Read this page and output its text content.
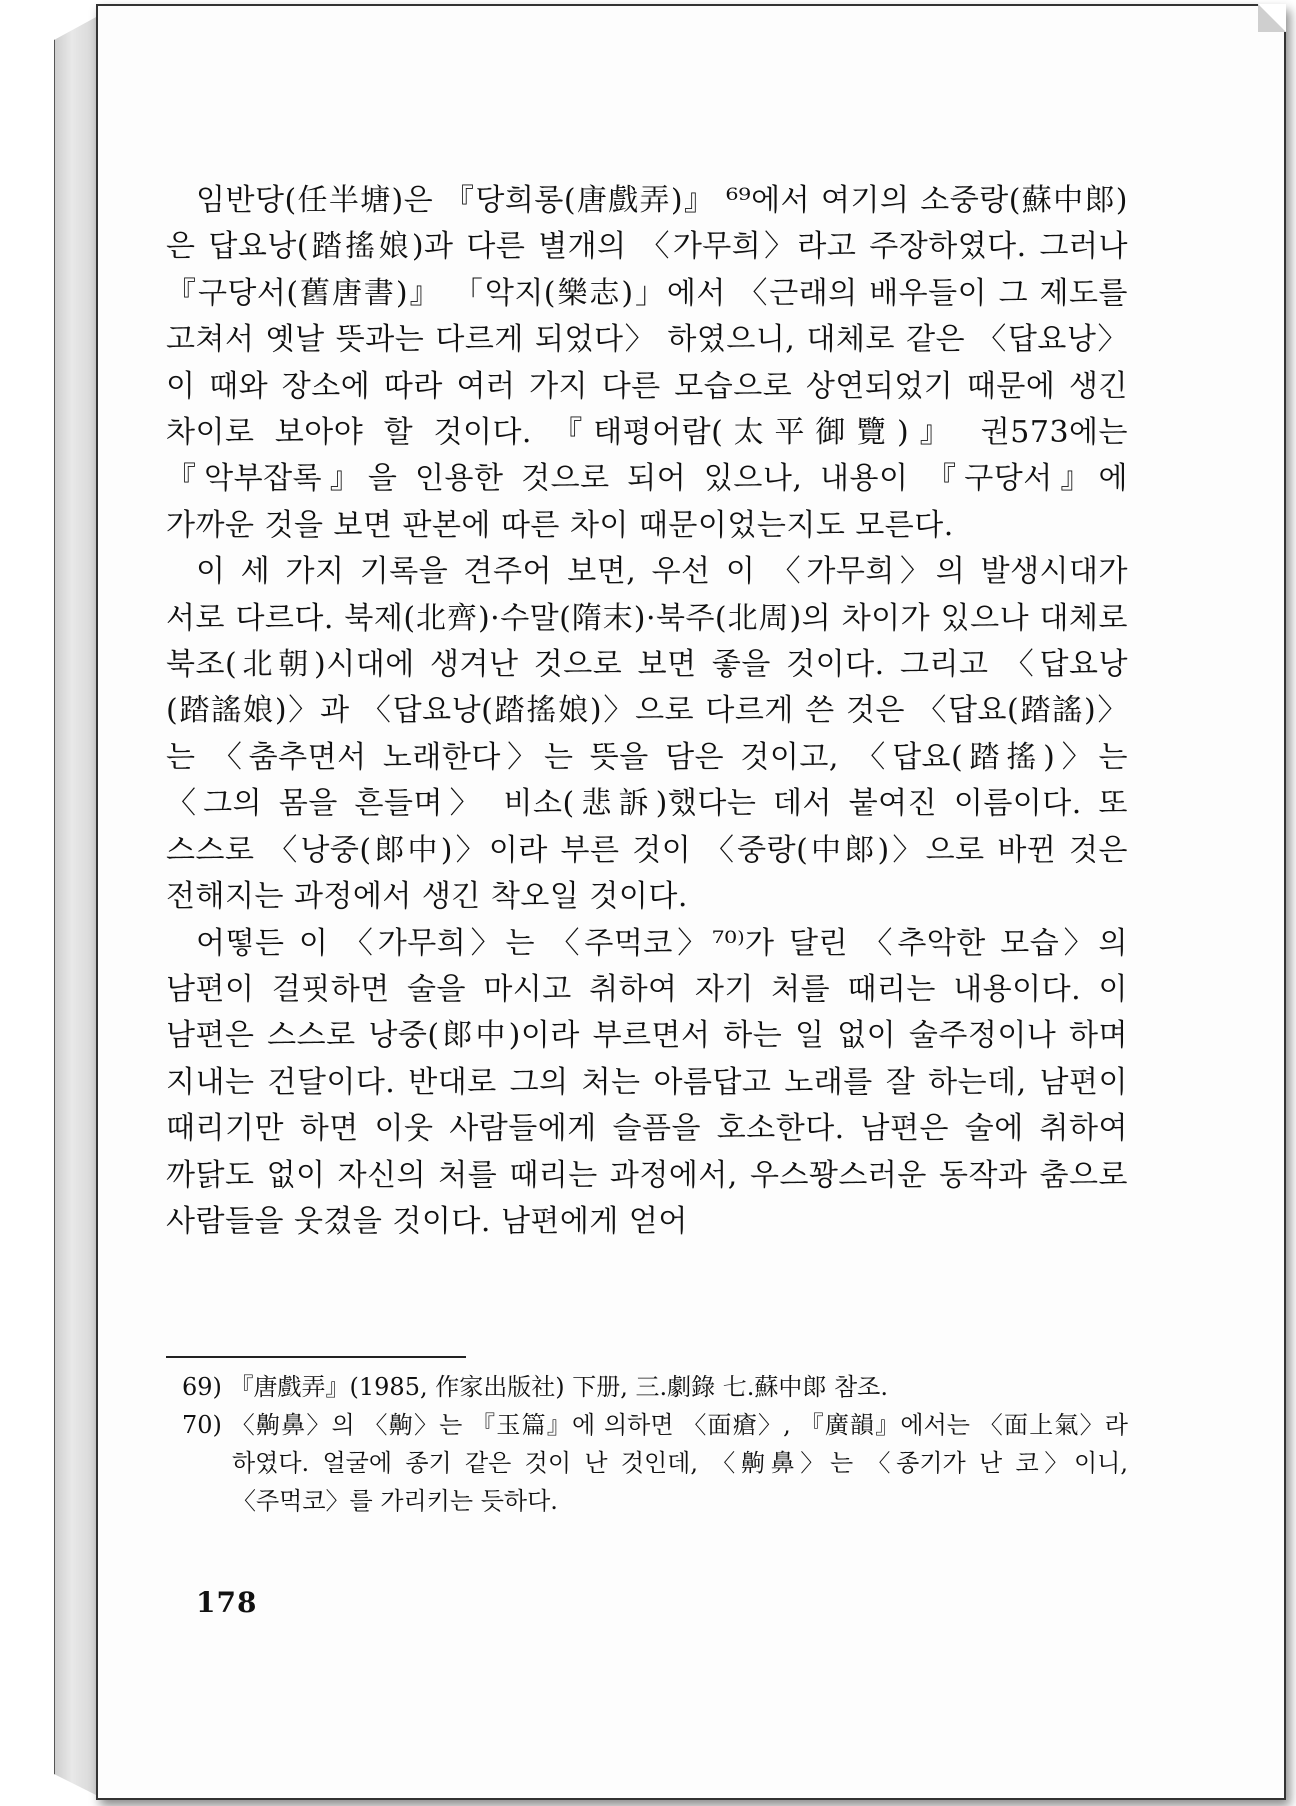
임반당(任半塘)은 『당희롱(唐戲弄)』 ⁶⁹에서 여기의 소중랑(蘇中郞)은 답요낭(踏搖娘)과 다른 별개의 〈가무희〉라고 주장하였다. 그러나 『구당서(舊唐書)』 「악지(樂志)」에서 〈근래의 배우들이 그 제도를 고쳐서 옛날 뜻과는 다르게 되었다〉 하였으니, 대체로 같은 〈답요낭〉이 때와 장소에 따라 여러 가지 다른 모습으로 상연되었기 때문에 생긴 차이로 보아야 할 것이다. 『태평어람(太平御覽)』 권573에는 『악부잡록』을 인용한 것으로 되어 있으나, 내용이 『구당서』에 가까운 것을 보면 판본에 따른 차이 때문이었는지도 모른다.

이 세 가지 기록을 견주어 보면, 우선 이 〈가무희〉의 발생시대가 서로 다르다. 북제(北齊)·수말(隋末)·북주(北周)의 차이가 있으나 대체로 북조(北朝)시대에 생겨난 것으로 보면 좋을 것이다. 그리고 〈답요낭(踏謠娘)〉과 〈답요낭(踏搖娘)〉으로 다르게 쓴 것은 〈답요(踏謠)〉는 〈춤추면서 노래한다〉는 뜻을 담은 것이고, 〈답요(踏搖)〉는 〈그의 몸을 흔들며〉 비소(悲訴)했다는 데서 붙여진 이름이다. 또 스스로 〈낭중(郞中)〉이라 부른 것이 〈중랑(中郞)〉으로 바뀐 것은 전해지는 과정에서 생긴 착오일 것이다.

어떻든 이 〈가무희〉는 〈주먹코〉⁷⁰⁾가 달린 〈추악한 모습〉의 남편이 걸핏하면 술을 마시고 취하여 자기 처를 때리는 내용이다. 이 남편은 스스로 낭중(郞中)이라 부르면서 하는 일 없이 술주정이나 하며 지내는 건달이다. 반대로 그의 처는 아름답고 노래를 잘 하는데, 남편이 때리기만 하면 이웃 사람들에게 슬픔을 호소한다. 남편은 술에 취하여 까닭도 없이 자신의 처를 때리는 과정에서, 우스꽝스러운 동작과 춤으로 사람들을 웃겼을 것이다. 남편에게 얻어

69) 『唐戲弄』(1985, 作家出版社) 下册, 三.劇錄 七.蘇中郞 참조.

70) 〈齁鼻〉의 〈齁〉는 『玉篇』에 의하면 〈面瘡〉, 『廣韻』에서는 〈面上氣〉라 하였다. 얼굴에 종기 같은 것이 난 것인데, 〈齁鼻〉는 〈종기가 난 코〉이니, 〈주먹코〉를 가리키는 듯하다.

178
